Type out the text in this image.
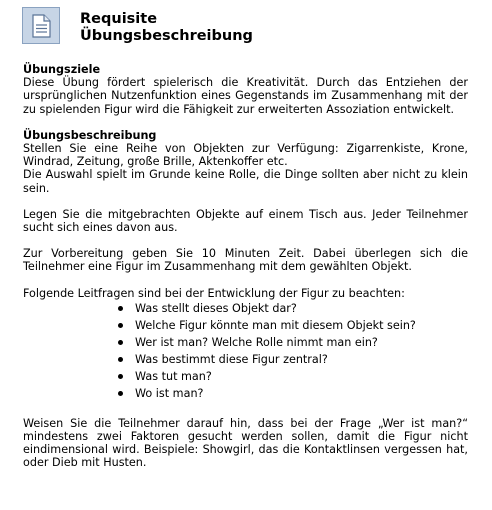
Requisite
Übungsbeschreibung
Übungsziele

Diese Übung fördert spielerisch die Kreativität. Durch das Entziehen der ursprünglichen Nutzenfunktion eines Gegenstands im Zusammenhang mit der zu spielenden Figur wird die Fähigkeit zur erweiterten Assoziation entwickelt.

Übungsbeschreibung

Stellen Sie eine Reihe von Objekten zur Verfügung: Zigarrenkiste, Krone, Windrad, Zeitung, große Brille, Aktenkoffer etc.

Die Auswahl spielt im Grunde keine Rolle, die Dinge sollten aber nicht zu klein sein.

Legen Sie die mitgebrachten Objekte auf einem Tisch aus. Jeder Teilnehmer sucht sich eines davon aus.

Zur Vorbereitung geben Sie 10 Minuten Zeit. Dabei überlegen sich die Teilnehmer eine Figur im Zusammenhang mit dem gewählten Objekt.

Folgende Leitfragen sind bei der Entwicklung der Figur zu beachten:

Was stellt dieses Objekt dar?
Welche Figur könnte man mit diesem Objekt sein?
Wer ist man? Welche Rolle nimmt man ein?
Was bestimmt diese Figur zentral?
Was tut man?
Wo ist man?

Weisen Sie die Teilnehmer darauf hin, dass bei der Frage „Wer ist man?“ mindestens zwei Faktoren gesucht werden sollen, damit die Figur nicht eindimensional wird. Beispiele: Showgirl, das die Kontaktlinsen vergessen hat, oder Dieb mit Husten.
